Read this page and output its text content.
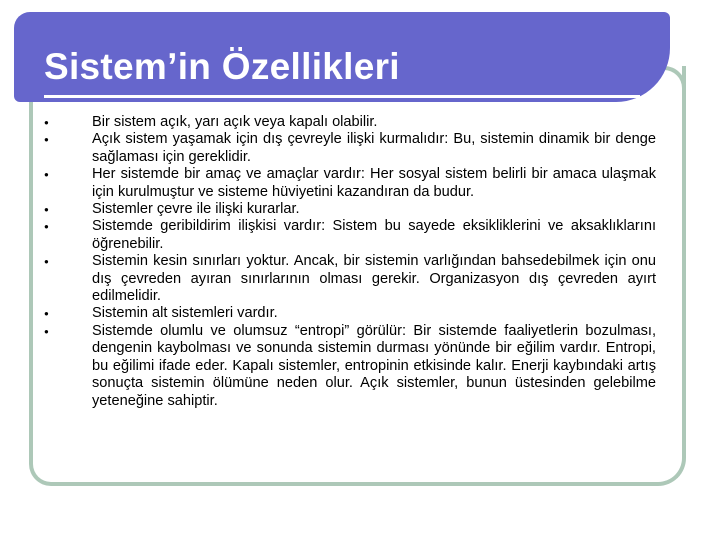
Sistem’in Özellikleri
●
Bir sistem açık, yarı açık veya kapalı olabilir.
●
Açık sistem yaşamak için dış çevreyle ilişki kurmalıdır: Bu, sistemin dinamik bir denge sağlaması için gereklidir.
●
Her sistemde bir amaç ve amaçlar vardır: Her sosyal sistem belirli bir amaca ulaşmak için kurulmuştur ve sisteme hüviyetini kazandıran da budur.
●
Sistemler çevre ile ilişki kurarlar.
●
Sistemde geribildirim ilişkisi vardır: Sistem bu sayede eksikliklerini ve aksaklıklarını öğrenebilir.
●
Sistemin kesin sınırları yoktur. Ancak, bir sistemin varlığından bahsedebilmek için onu dış çevreden ayıran sınırlarının olması gerekir. Organizasyon dış çevreden ayırt edilmelidir.
●
Sistemin alt sistemleri vardır.
●
Sistemde olumlu ve olumsuz “entropi” görülür: Bir sistemde faaliyetlerin bozulması, dengenin kaybolması ve sonunda sistemin durması yönünde bir eğilim vardır. Entropi, bu eğilimi ifade eder. Kapalı sistemler, entropinin etkisinde kalır. Enerji kaybındaki artış sonuçta sistemin ölümüne neden olur. Açık sistemler, bunun üstesinden gelebilme yeteneğine sahiptir.
